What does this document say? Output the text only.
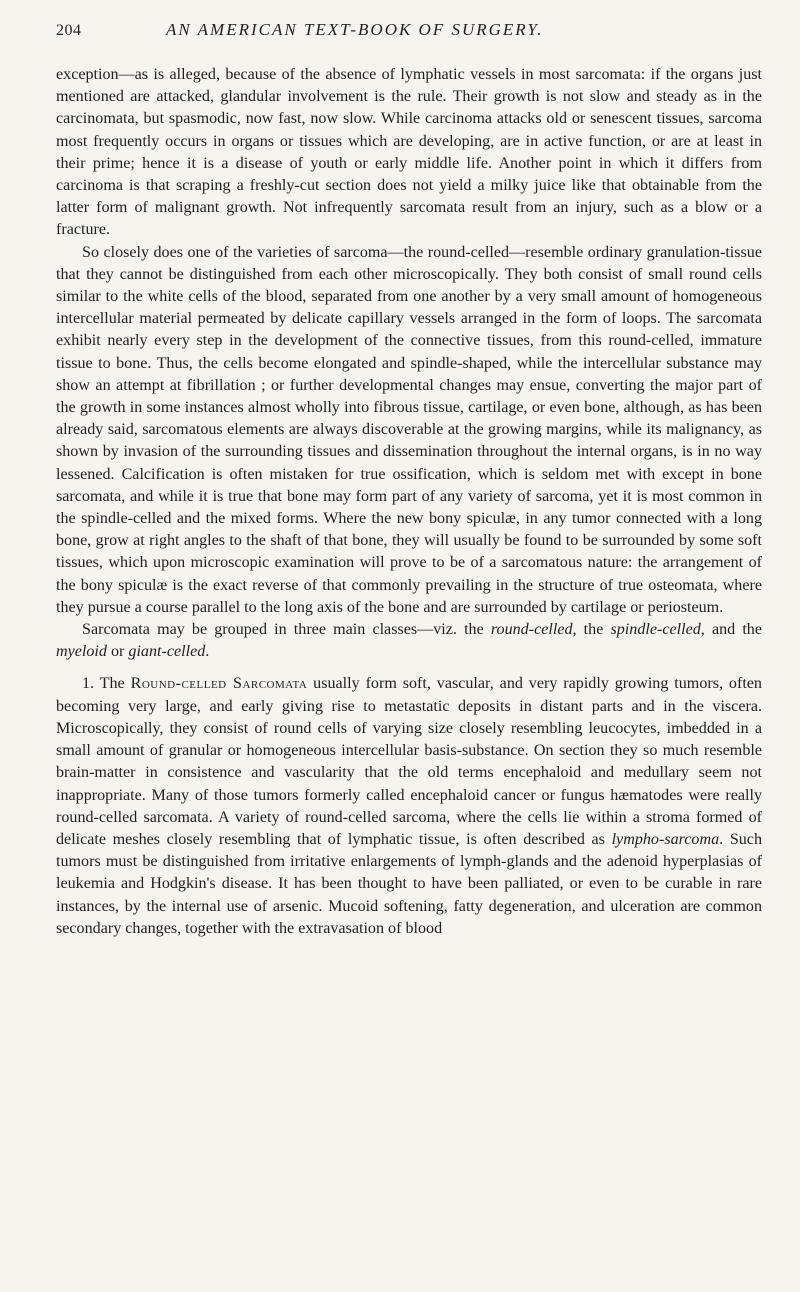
204	AN AMERICAN TEXT-BOOK OF SURGERY.

exception—as is alleged, because of the absence of lymphatic vessels in most sarcomata: if the organs just mentioned are attacked, glandular involvement is the rule. Their growth is not slow and steady as in the carcinomata, but spasmodic, now fast, now slow. While carcinoma attacks old or senescent tissues, sarcoma most frequently occurs in organs or tissues which are developing, are in active function, or are at least in their prime; hence it is a disease of youth or early middle life. Another point in which it differs from carcinoma is that scraping a freshly-cut section does not yield a milky juice like that obtainable from the latter form of malignant growth. Not infrequently sarcomata result from an injury, such as a blow or a fracture.

So closely does one of the varieties of sarcoma—the round-celled—resemble ordinary granulation-tissue that they cannot be distinguished from each other microscopically. They both consist of small round cells similar to the white cells of the blood, separated from one another by a very small amount of homogeneous intercellular material permeated by delicate capillary vessels arranged in the form of loops. The sarcomata exhibit nearly every step in the development of the connective tissues, from this round-celled, immature tissue to bone. Thus, the cells become elongated and spindle-shaped, while the intercellular substance may show an attempt at fibrillation ; or further developmental changes may ensue, converting the major part of the growth in some instances almost wholly into fibrous tissue, cartilage, or even bone, although, as has been already said, sarcomatous elements are always discoverable at the growing margins, while its malignancy, as shown by invasion of the surrounding tissues and dissemination throughout the internal organs, is in no way lessened. Calcification is often mistaken for true ossification, which is seldom met with except in bone sarcomata, and while it is true that bone may form part of any variety of sarcoma, yet it is most common in the spindle-celled and the mixed forms. Where the new bony spiculæ, in any tumor connected with a long bone, grow at right angles to the shaft of that bone, they will usually be found to be surrounded by some soft tissues, which upon microscopic examination will prove to be of a sarcomatous nature: the arrangement of the bony spiculæ is the exact reverse of that commonly prevailing in the structure of true osteomata, where they pursue a course parallel to the long axis of the bone and are surrounded by cartilage or periosteum.

Sarcomata may be grouped in three main classes—viz. the round-celled, the spindle-celled, and the myeloid or giant-celled.

1. The Round-celled Sarcomata usually form soft, vascular, and very rapidly growing tumors, often becoming very large, and early giving rise to metastatic deposits in distant parts and in the viscera. Microscopically, they consist of round cells of varying size closely resembling leucocytes, imbedded in a small amount of granular or homogeneous intercellular basis-substance. On section they so much resemble brain-matter in consistence and vascularity that the old terms encephaloid and medullary seem not inappropriate. Many of those tumors formerly called encephaloid cancer or fungus hæmatodes were really round-celled sarcomata. A variety of round-celled sarcoma, where the cells lie within a stroma formed of delicate meshes closely resembling that of lymphatic tissue, is often described as lympho-sarcoma. Such tumors must be distinguished from irritative enlargements of lymph-glands and the adenoid hyperplasias of leukemia and Hodgkin's disease. It has been thought to have been palliated, or even to be curable in rare instances, by the internal use of arsenic. Mucoid softening, fatty degeneration, and ulceration are common secondary changes, together with the extravasation of blood
